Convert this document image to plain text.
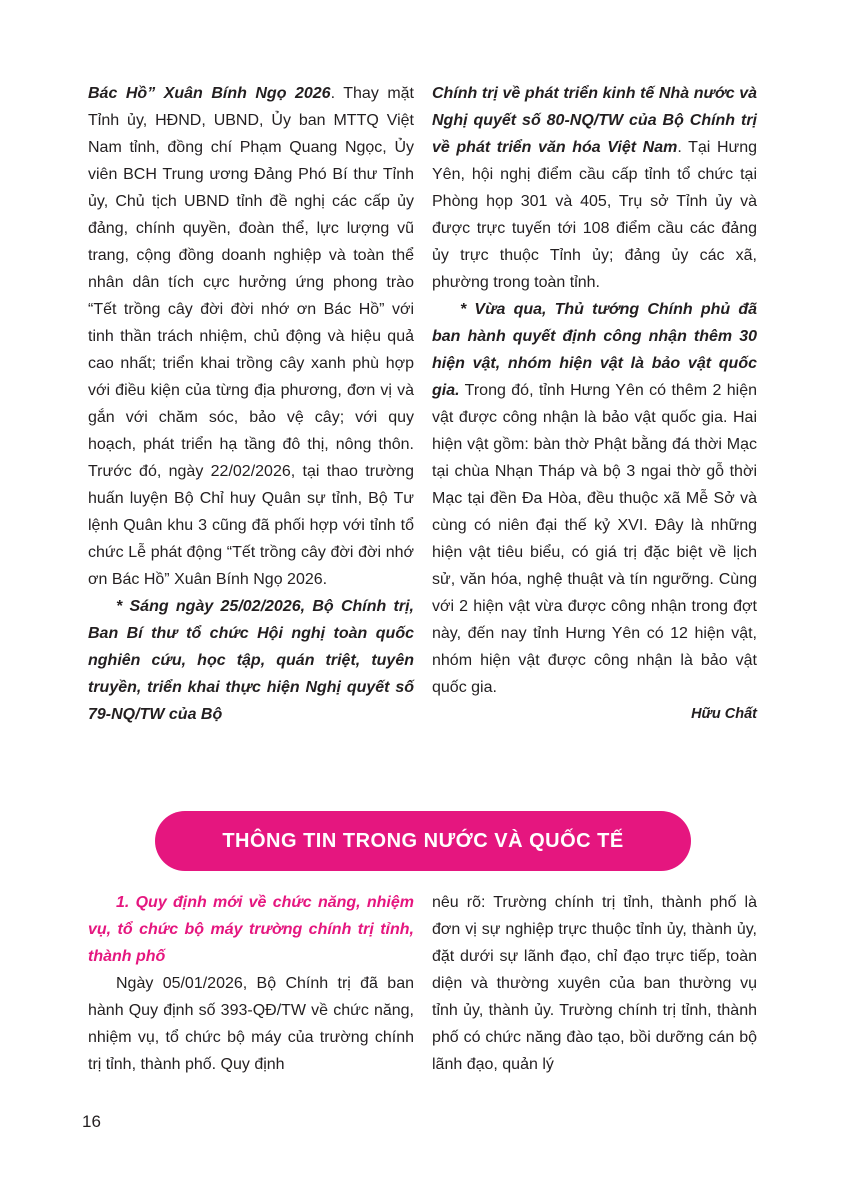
Bác Hồ” Xuân Bính Ngọ 2026. Thay mặt Tỉnh ủy, HĐND, UBND, Ủy ban MTTQ Việt Nam tỉnh, đồng chí Phạm Quang Ngọc, Ủy viên BCH Trung ương Đảng Phó Bí thư Tỉnh ủy, Chủ tịch UBND tỉnh đề nghị các cấp ủy đảng, chính quyền, đoàn thể, lực lượng vũ trang, cộng đồng doanh nghiệp và toàn thể nhân dân tích cực hưởng ứng phong trào “Tết trồng cây đời đời nhớ ơn Bác Hồ” với tinh thần trách nhiệm, chủ động và hiệu quả cao nhất; triển khai trồng cây xanh phù hợp với điều kiện của từng địa phương, đơn vị và gắn với chăm sóc, bảo vệ cây; với quy hoạch, phát triển hạ tầng đô thị, nông thôn. Trước đó, ngày 22/02/2026, tại thao trường huấn luyện Bộ Chỉ huy Quân sự tỉnh, Bộ Tư lệnh Quân khu 3 cũng đã phối hợp với tỉnh tổ chức Lễ phát động “Tết trồng cây đời đời nhớ ơn Bác Hồ” Xuân Bính Ngọ 2026.

* Sáng ngày 25/02/2026, Bộ Chính trị, Ban Bí thư tổ chức Hội nghị toàn quốc nghiên cứu, học tập, quán triệt, tuyên truyền, triển khai thực hiện Nghị quyết số 79-NQ/TW của Bộ

Chính trị về phát triển kinh tế Nhà nước và Nghị quyết số 80-NQ/TW của Bộ Chính trị về phát triển văn hóa Việt Nam. Tại Hưng Yên, hội nghị điểm cầu cấp tỉnh tổ chức tại Phòng họp 301 và 405, Trụ sở Tỉnh ủy và được trực tuyến tới 108 điểm cầu các đảng ủy trực thuộc Tỉnh ủy; đảng ủy các xã, phường trong toàn tỉnh.

* Vừa qua, Thủ tướng Chính phủ đã ban hành quyết định công nhận thêm 30 hiện vật, nhóm hiện vật là bảo vật quốc gia. Trong đó, tỉnh Hưng Yên có thêm 2 hiện vật được công nhận là bảo vật quốc gia. Hai hiện vật gồm: bàn thờ Phật bằng đá thời Mạc tại chùa Nhạn Tháp và bộ 3 ngai thờ gỗ thời Mạc tại đền Đa Hòa, đều thuộc xã Mễ Sở và cùng có niên đại thế kỷ XVI. Đây là những hiện vật tiêu biểu, có giá trị đặc biệt về lịch sử, văn hóa, nghệ thuật và tín ngưỡng. Cùng với 2 hiện vật vừa được công nhận trong đợt này, đến nay tỉnh Hưng Yên có 12 hiện vật, nhóm hiện vật được công nhận là bảo vật quốc gia.

Hữu Chất

THÔNG TIN TRONG NƯỚC VÀ QUỐC TẾ

1. Quy định mới về chức năng, nhiệm vụ, tổ chức bộ máy trường chính trị tỉnh, thành phố

Ngày 05/01/2026, Bộ Chính trị đã ban hành Quy định số 393-QĐ/TW về chức năng, nhiệm vụ, tổ chức bộ máy của trường chính trị tỉnh, thành phố. Quy định

nêu rõ: Trường chính trị tỉnh, thành phố là đơn vị sự nghiệp trực thuộc tỉnh ủy, thành ủy, đặt dưới sự lãnh đạo, chỉ đạo trực tiếp, toàn diện và thường xuyên của ban thường vụ tỉnh ủy, thành ủy. Trường chính trị tỉnh, thành phố có chức năng đào tạo, bồi dưỡng cán bộ lãnh đạo, quản lý

16
